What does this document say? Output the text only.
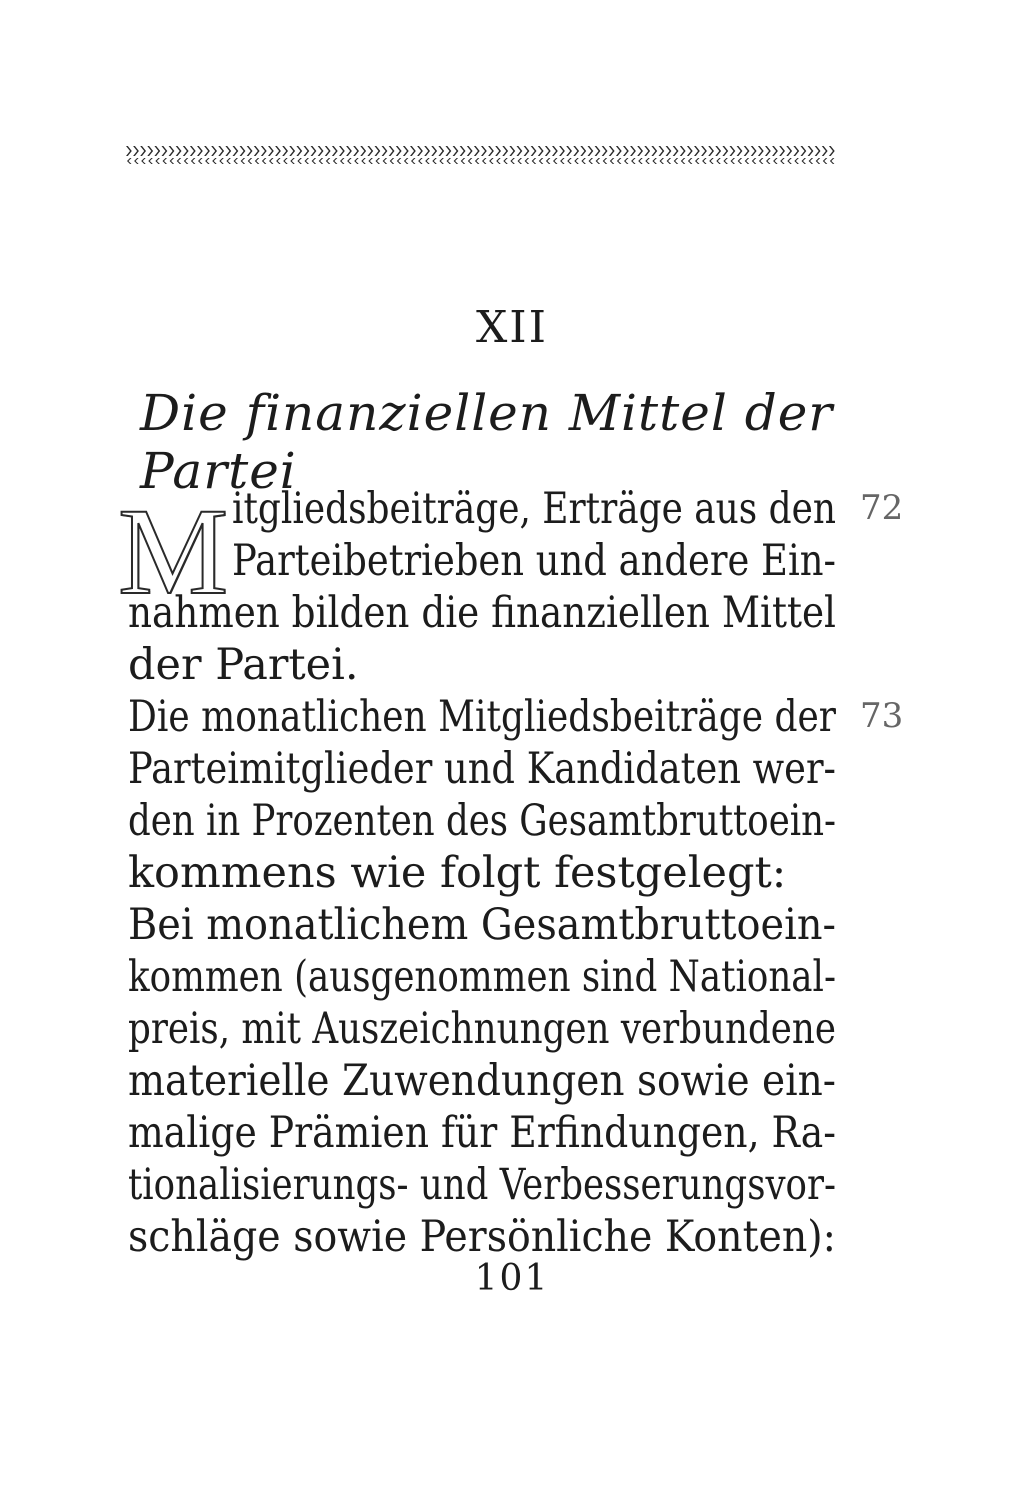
XII
Die finanziellen Mittel der Partei
M itgliedsbeiträge, Erträge aus den
Parteibetrieben und andere Ein-
nahmen bilden die finanziellen Mittel
der Partei.
Die monatlichen Mitgliedsbeiträge der
Parteimitglieder und Kandidaten wer-
den in Prozenten des Gesamtbruttoein-
kommens wie folgt festgelegt:
Bei monatlichem Gesamtbruttoein-
kommen (ausgenommen sind National-
preis, mit Auszeichnungen verbundene
materielle Zuwendungen sowie ein-
malige Prämien für Erfindungen, Ra-
tionalisierungs- und Verbesserungsvor-
schläge sowie Persönliche Konten):
72
73
101
